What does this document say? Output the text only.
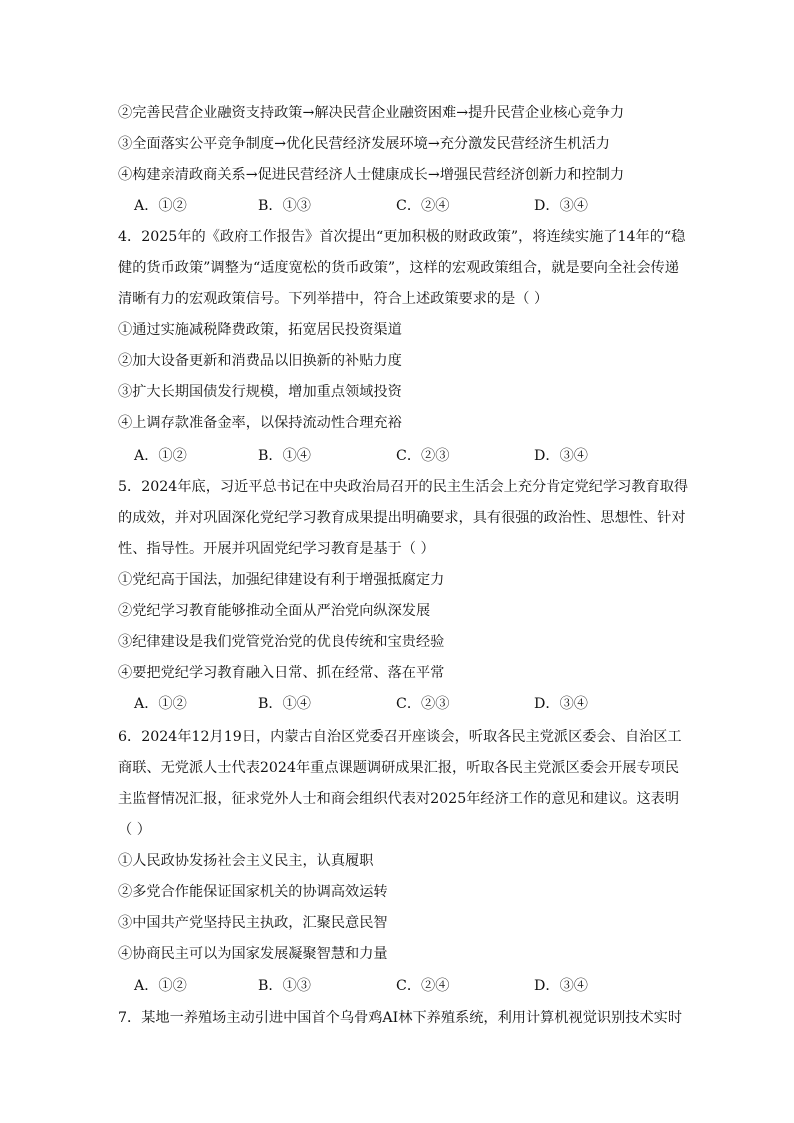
②完善民营企业融资支持政策→解决民营企业融资困难→提升民营企业核心竞争力
③全面落实公平竞争制度→优化民营经济发展环境→充分激发民营经济生机活力
④构建亲清政商关系→促进民营经济人士健康成长→增强民营经济创新力和控制力
A．①②	B．①③	C．②④	D．③④
4．2025年的《政府工作报告》首次提出“更加积极的财政政策”，将连续实施了14年的“稳
健的货币政策”调整为“适度宽松的货币政策”，这样的宏观政策组合，就是要向全社会传递
清晰有力的宏观政策信号。下列举措中，符合上述政策要求的是（ ）
①通过实施减税降费政策，拓宽居民投资渠道
②加大设备更新和消费品以旧换新的补贴力度
③扩大长期国债发行规模，增加重点领域投资
④上调存款准备金率，以保持流动性合理充裕
A．①②	B．①④	C．②③	D．③④
5．2024年底，习近平总书记在中央政治局召开的民主生活会上充分肯定党纪学习教育取得
的成效，并对巩固深化党纪学习教育成果提出明确要求，具有很强的政治性、思想性、针对
性、指导性。开展并巩固党纪学习教育是基于（ ）
①党纪高于国法，加强纪律建设有利于增强抵腐定力
②党纪学习教育能够推动全面从严治党向纵深发展
③纪律建设是我们党管党治党的优良传统和宝贵经验
④要把党纪学习教育融入日常、抓在经常、落在平常
A．①②	B．①④	C．②③	D．③④
6．2024年12月19日，内蒙古自治区党委召开座谈会，听取各民主党派区委会、自治区工
商联、无党派人士代表2024年重点课题调研成果汇报，听取各民主党派区委会开展专项民
主监督情况汇报，征求党外人士和商会组织代表对2025年经济工作的意见和建议。这表明
（ ）
①人民政协发扬社会主义民主，认真履职
②多党合作能保证国家机关的协调高效运转
③中国共产党坚持民主执政，汇聚民意民智
④协商民主可以为国家发展凝聚智慧和力量
A．①②	B．①③	C．②④	D．③④
7．某地一养殖场主动引进中国首个乌骨鸡AI林下养殖系统，利用计算机视觉识别技术实时
